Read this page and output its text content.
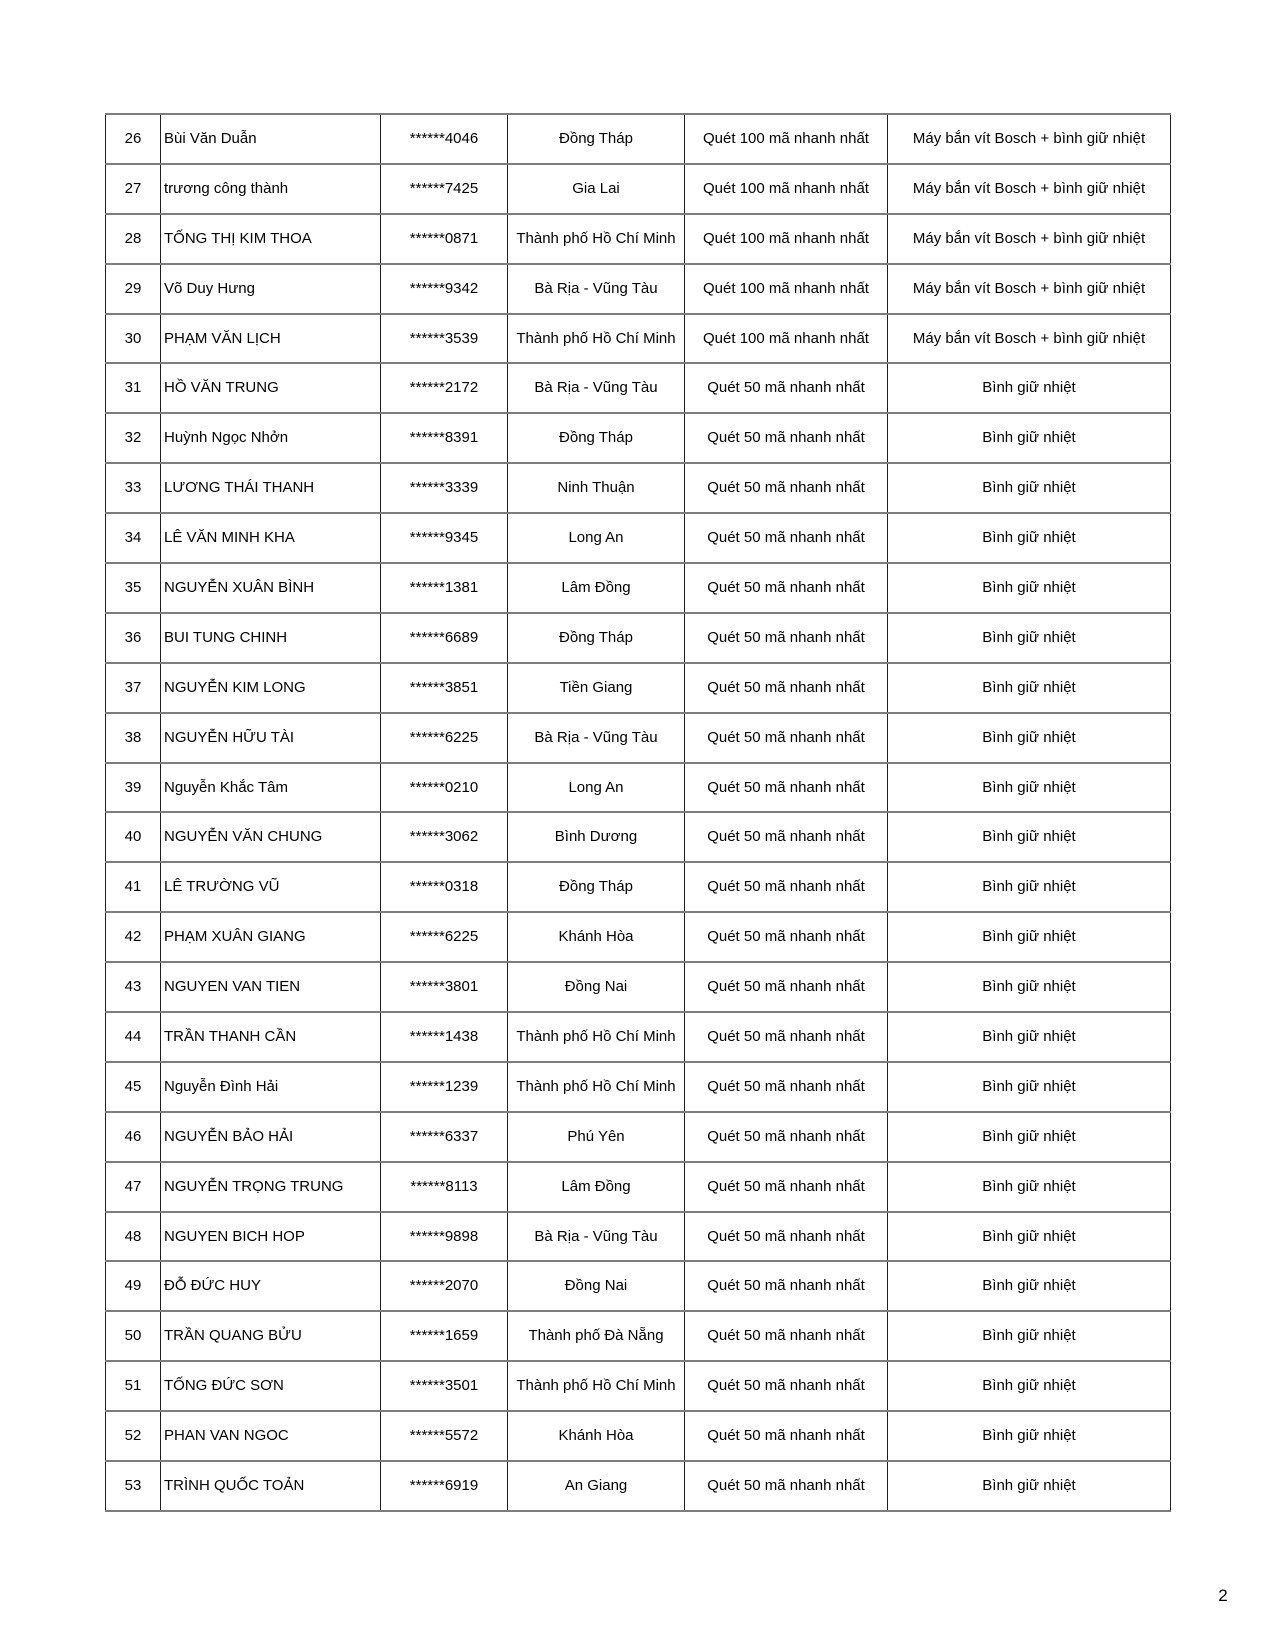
26	Bùi Văn Duẫn	******4046	Đồng Tháp	Quét 100 mã nhanh nhất	Máy bắn vít Bosch + bình giữ nhiệt
27	trương công thành	******7425	Gia Lai	Quét 100 mã nhanh nhất	Máy bắn vít Bosch + bình giữ nhiệt
28	TỐNG THỊ KIM THOA	******0871	Thành phố Hồ Chí Minh	Quét 100 mã nhanh nhất	Máy bắn vít Bosch + bình giữ nhiệt
29	Võ Duy Hưng	******9342	Bà Rịa - Vũng Tàu	Quét 100 mã nhanh nhất	Máy bắn vít Bosch + bình giữ nhiệt
30	PHẠM VĂN LỊCH	******3539	Thành phố Hồ Chí Minh	Quét 100 mã nhanh nhất	Máy bắn vít Bosch + bình giữ nhiệt
31	HỒ VĂN TRUNG	******2172	Bà Rịa - Vũng Tàu	Quét 50 mã nhanh nhất	Bình giữ nhiệt
32	Huỳnh Ngọc Nhởn	******8391	Đồng Tháp	Quét 50 mã nhanh nhất	Bình giữ nhiệt
33	LƯƠNG THÁI THANH	******3339	Ninh Thuận	Quét 50 mã nhanh nhất	Bình giữ nhiệt
34	LÊ VĂN MINH KHA	******9345	Long An	Quét 50 mã nhanh nhất	Bình giữ nhiệt
35	NGUYỄN XUÂN BÌNH	******1381	Lâm Đồng	Quét 50 mã nhanh nhất	Bình giữ nhiệt
36	BUI TUNG CHINH	******6689	Đồng Tháp	Quét 50 mã nhanh nhất	Bình giữ nhiệt
37	NGUYỄN KIM LONG	******3851	Tiền Giang	Quét 50 mã nhanh nhất	Bình giữ nhiệt
38	NGUYỄN HỮU TÀI	******6225	Bà Rịa - Vũng Tàu	Quét 50 mã nhanh nhất	Bình giữ nhiệt
39	Nguyễn Khắc Tâm	******0210	Long An	Quét 50 mã nhanh nhất	Bình giữ nhiệt
40	NGUYỄN VĂN CHUNG	******3062	Bình Dương	Quét 50 mã nhanh nhất	Bình giữ nhiệt
41	LÊ TRƯỜNG VŨ	******0318	Đồng Tháp	Quét 50 mã nhanh nhất	Bình giữ nhiệt
42	PHẠM XUÂN GIANG	******6225	Khánh Hòa	Quét 50 mã nhanh nhất	Bình giữ nhiệt
43	NGUYEN VAN TIEN	******3801	Đồng Nai	Quét 50 mã nhanh nhất	Bình giữ nhiệt
44	TRẦN THANH CẦN	******1438	Thành phố Hồ Chí Minh	Quét 50 mã nhanh nhất	Bình giữ nhiệt
45	Nguyễn Đình Hải	******1239	Thành phố Hồ Chí Minh	Quét 50 mã nhanh nhất	Bình giữ nhiệt
46	NGUYỄN BẢO HẢI	******6337	Phú Yên	Quét 50 mã nhanh nhất	Bình giữ nhiệt
47	NGUYỄN TRỌNG TRUNG	******8113	Lâm Đồng	Quét 50 mã nhanh nhất	Bình giữ nhiệt
48	NGUYEN BICH HOP	******9898	Bà Rịa - Vũng Tàu	Quét 50 mã nhanh nhất	Bình giữ nhiệt
49	ĐỖ ĐỨC HUY	******2070	Đồng Nai	Quét 50 mã nhanh nhất	Bình giữ nhiệt
50	TRẦN QUANG BỬU	******1659	Thành phố Đà Nẵng	Quét 50 mã nhanh nhất	Bình giữ nhiệt
51	TỐNG ĐỨC SƠN	******3501	Thành phố Hồ Chí Minh	Quét 50 mã nhanh nhất	Bình giữ nhiệt
52	PHAN VAN NGOC	******5572	Khánh Hòa	Quét 50 mã nhanh nhất	Bình giữ nhiệt
53	TRÌNH QUỐC TOẢN	******6919	An Giang	Quét 50 mã nhanh nhất	Bình giữ nhiệt
2
